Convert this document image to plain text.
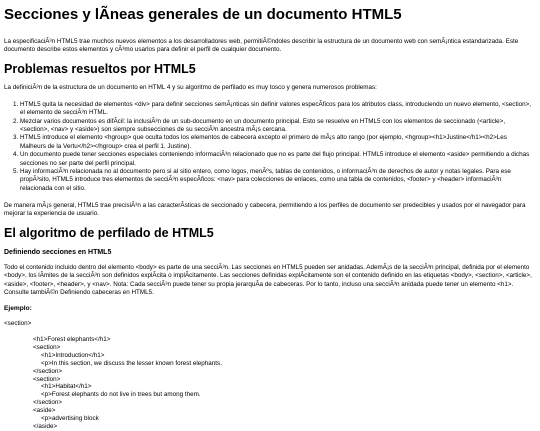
Secciones y lÃneas generales de un documento HTML5

La especificaciÃ³n HTML5 trae muchos nuevos elementos a los desarrolladores web, permitiÃ©ndoles describir la estructura de un documento web con semÃ¡ntica estandarizada. Este documento describe estos elementos y cÃ³mo usarlos para definir el perfil de cualquier documento.

Problemas resueltos por HTML5

La definiciÃ³n de la estructura de un documento en HTML 4 y su algoritmo de perfilado es muy tosco y genera numerosos problemas:

1. HTML5 quita la necesidad de elementos <div> para definir secciones semÃ¡nticas sin definir valores especÃficos para los atributos class, introduciendo un nuevo elemento, <section>, el elemento de secciÃ³n HTML.
2. Mezclar varios documentos es difÃcil: la inclusiÃ³n de un sub-documento en un documento principal. Esto se resuelve en HTML5 con los elementos de seccionado (<article>, <section>, <nav> y <aside>) son siempre subsecciones de su secciÃ³n ancestra mÃ¡s cercana.
3. HTML5 introduce el elemento <hgroup> que oculta todos los elementos de cabecera excepto el primero de mÃ¡s alto rango (por ejemplo, <hgroup><h1>Justine</h1><h2>Les Malheurs de la Vertu</h2></hgroup> crea el perfil 1. Justine).
4. Un documento puede tener secciones especiales conteniendo informaciÃ³n relacionado que no es parte del flujo principal. HTML5 introduce el elemento <aside> permitiendo a dichas secciones no ser parte del perfil principal.
5. Hay informaciÃ³n relacionada no al documento pero si al sitio entero, como logos, menÃºs, tablas de contenidos, o informaciÃ³n de derechos de autor y notas legales. Para ese propÃ³sito, HTML5 introduce tres elementos de secciÃ³n especÃficos: <nav> para colecciones de enlaces, como una tabla de contenidos, <footer> y <header> informaciÃ³n relacionada con el sitio.

De manera mÃ¡s general, HTML5 trae precisiÃ³n a las caracterÃsticas de seccionado y cabecera, permitiendo a los perfiles de documento ser predecibles y usados por el navegador para mejorar la experiencia de usuario.

El algoritmo de perfilado de HTML5
Definiendo secciones en HTML5

Todo el contenido incluido dentro del elemento <body> es parte de una secciÃ³n. Las secciones en HTML5 pueden ser anidadas. AdemÃ¡s de la secciÃ³n principal, definida por el elemento <body>, los lÃmites de la secciÃ³n son definidos explÃcita o implÃcitamente. Las secciones definidas explÃcitamente son el contenido definido en las etiquetas <body>, <section>, <article>, <aside>, <footer>, <header>, y <nav>. Nota: Cada secciÃ³n puede tener su propia jerarquÃa de cabeceras. Por lo tanto, incluso una secciÃ³n anidada puede tener un elemento <h1>. Consulte tambiÃ©n Definiendo cabeceras en HTML5.

Ejemplo:
<section>
<h1>Forest elephants</h1>
<section>
<h1>Introduction</h1>
<p>In this section, we discuss the lesser known forest elephants.
</section>
<section>
<h1>Habitat</h1>
<p>Forest elephants do not live in trees but among them.
</section>
<aside>
<p>advertising block
</aside>
